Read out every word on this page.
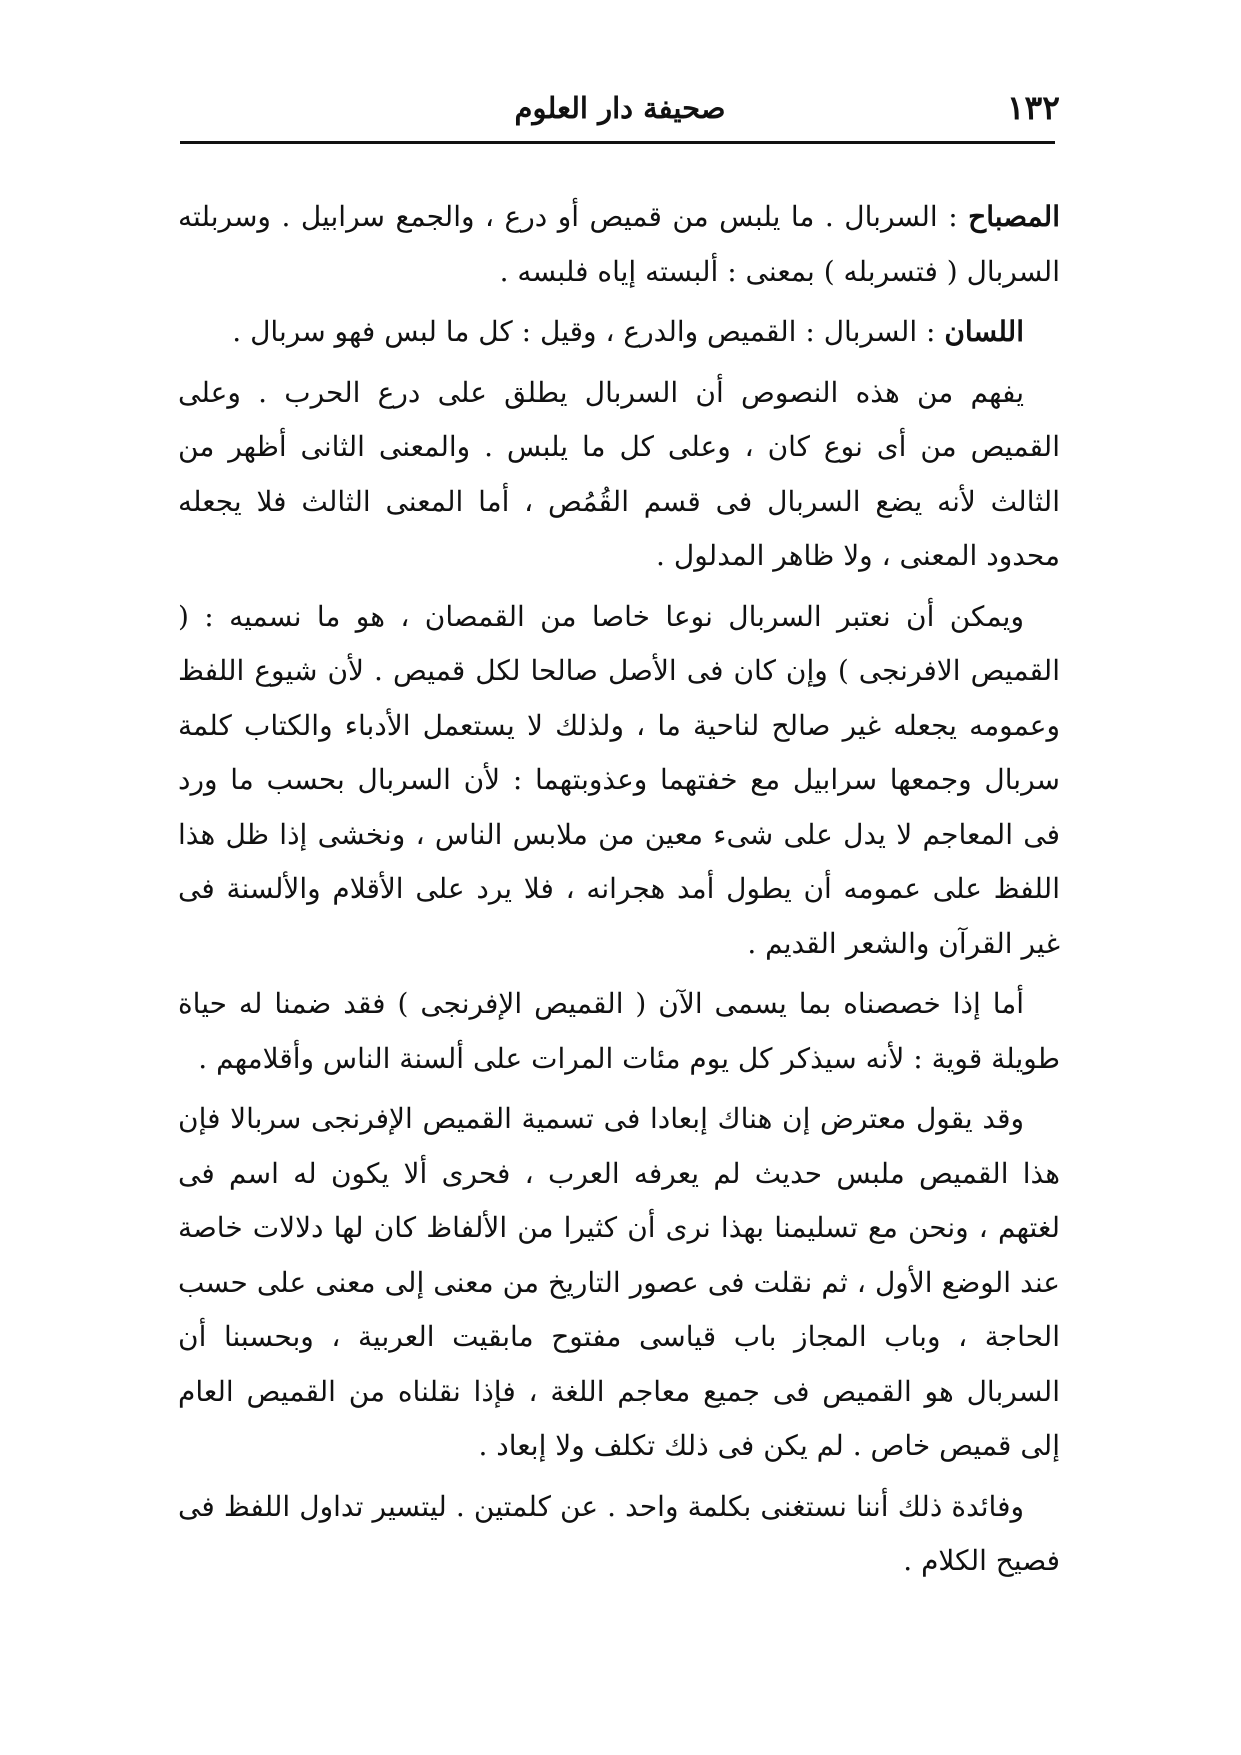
١٣٢
صحيفة دار العلوم

المصباح : السربال . ما يلبس من قميص أو درع ، والجمع سرابيل . وسربلته السربال ( فتسربله ) بمعنى : ألبسته إياه فلبسه .

اللسان : السربال : القميص والدرع ، وقيل : كل ما لبس فهو سربال .

يفهم من هذه النصوص أن السربال يطلق على درع الحرب . وعلى القميص من أى نوع كان ، وعلى كل ما يلبس . والمعنى الثانى أظهر من الثالث لأنه يضع السربال فى قسم القُمُص ، أما المعنى الثالث فلا يجعله محدود المعنى ، ولا ظاهر المدلول .

ويمكن أن نعتبر السربال نوعا خاصا من القمصان ، هو ما نسميه : ( القميص الافرنجى ) وإن كان فى الأصل صالحا لكل قميص . لأن شيوع اللفظ وعمومه يجعله غير صالح لناحية ما ، ولذلك لا يستعمل الأدباء والكتاب كلمة سربال وجمعها سرابيل مع خفتهما وعذوبتهما : لأن السربال بحسب ما ورد فى المعاجم لا يدل على شىء معين من ملابس الناس ، ونخشى إذا ظل هذا اللفظ على عمومه أن يطول أمد هجرانه ، فلا يرد على الأقلام والألسنة فى غير القرآن والشعر القديم .

أما إذا خصصناه بما يسمى الآن ( القميص الإفرنجى ) فقد ضمنا له حياة طويلة قوية : لأنه سيذكر كل يوم مئات المرات على ألسنة الناس وأقلامهم .

وقد يقول معترض إن هناك إبعادا فى تسمية القميص الإفرنجى سربالا فإن هذا القميص ملبس حديث لم يعرفه العرب ، فحرى ألا يكون له اسم فى لغتهم ، ونحن مع تسليمنا بهذا نرى أن كثيرا من الألفاظ كان لها دلالات خاصة عند الوضع الأول ، ثم نقلت فى عصور التاريخ من معنى إلى معنى على حسب الحاجة ، وباب المجاز باب قياسى مفتوح مابقيت العربية ، وبحسبنا أن السربال هو القميص فى جميع معاجم اللغة ، فإذا نقلناه من القميص العام إلى قميص خاص . لم يكن فى ذلك تكلف ولا إبعاد .

وفائدة ذلك أننا نستغنى بكلمة واحد . عن كلمتين . ليتسير تداول اللفظ فى فصيح الكلام .
